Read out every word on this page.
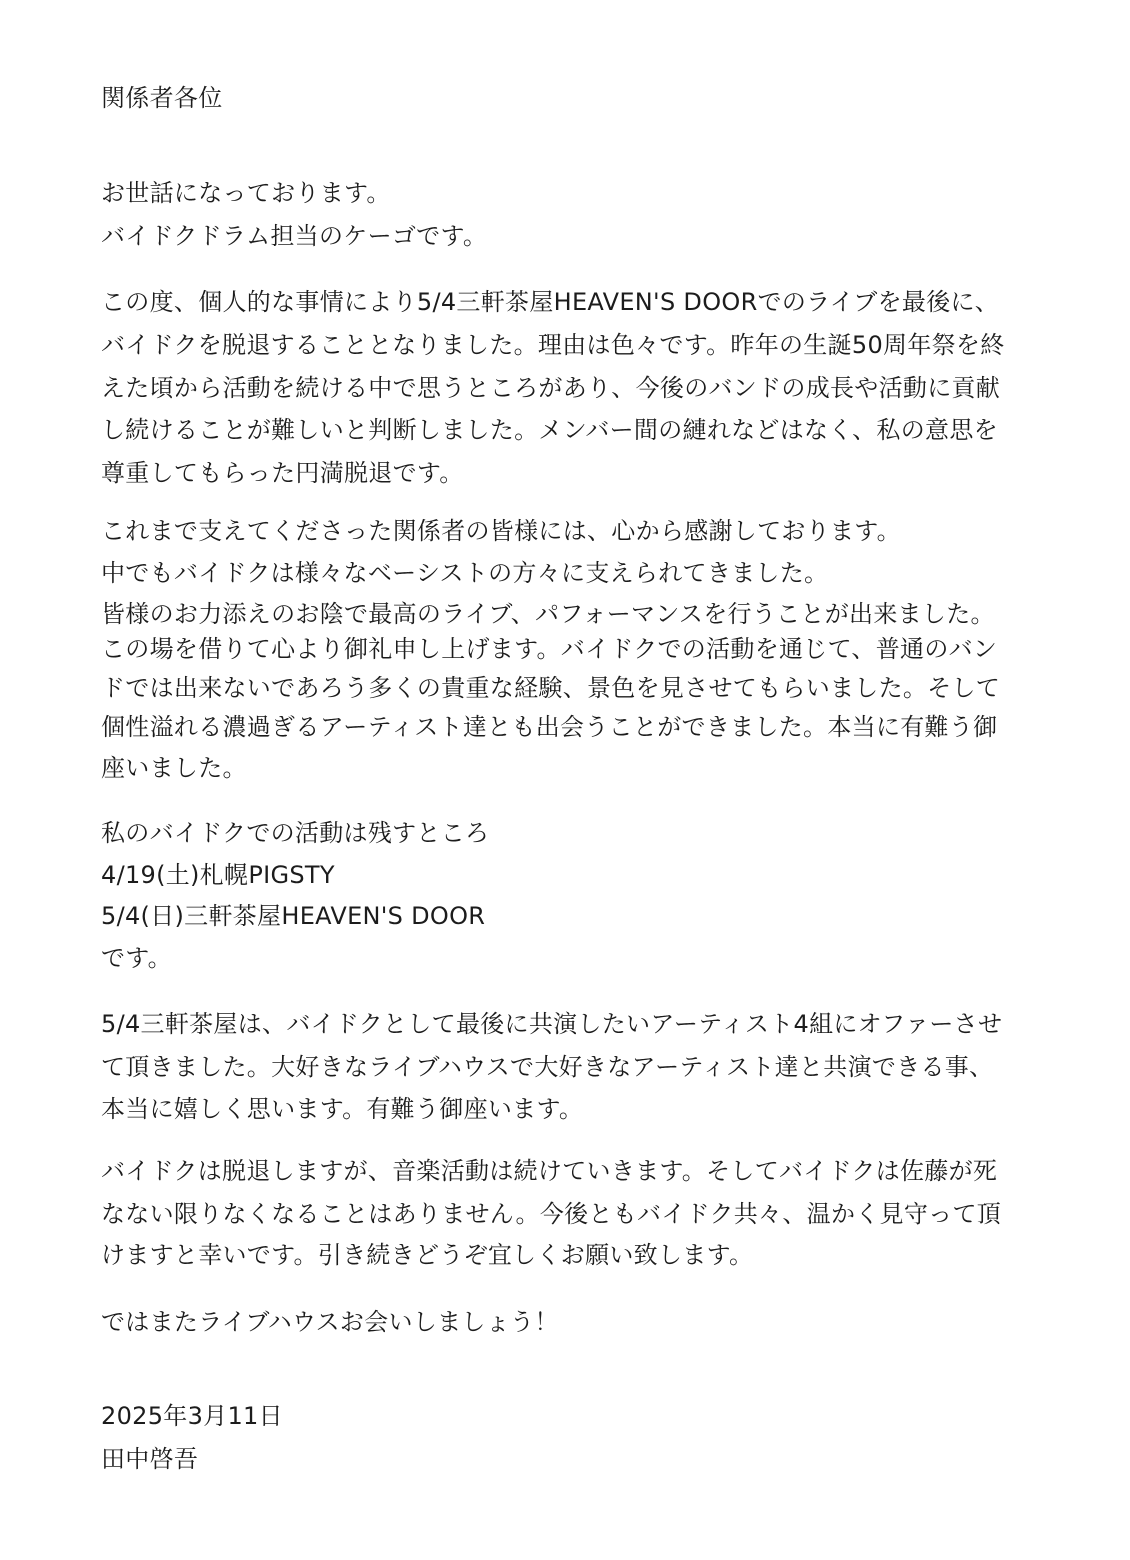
関係者各位
お世話になっております。
バイドクドラム担当のケーゴです。
この度、個人的な事情により5/4三軒茶屋HEAVEN'S DOORでのライブを最後に、
バイドクを脱退することとなりました。理由は色々です。昨年の生誕50周年祭を終
えた頃から活動を続ける中で思うところがあり、今後のバンドの成長や活動に貢献
し続けることが難しいと判断しました。メンバー間の縺れなどはなく、私の意思を
尊重してもらった円満脱退です。
これまで支えてくださった関係者の皆様には、心から感謝しております。
中でもバイドクは様々なベーシストの方々に支えられてきました。
皆様のお力添えのお陰で最高のライブ、パフォーマンスを行うことが出来ました。
この場を借りて心より御礼申し上げます。バイドクでの活動を通じて、普通のバン
ドでは出来ないであろう多くの貴重な経験、景色を見させてもらいました。そして
個性溢れる濃過ぎるアーティスト達とも出会うことができました。本当に有難う御
座いました。
私のバイドクでの活動は残すところ
4/19(土)札幌PIGSTY
5/4(日)三軒茶屋HEAVEN'S DOOR
です。
5/4三軒茶屋は、バイドクとして最後に共演したいアーティスト4組にオファーさせ
て頂きました。大好きなライブハウスで大好きなアーティスト達と共演できる事、
本当に嬉しく思います。有難う御座います。
バイドクは脱退しますが、音楽活動は続けていきます。そしてバイドクは佐藤が死
なない限りなくなることはありません。今後ともバイドク共々、温かく見守って頂
けますと幸いです。引き続きどうぞ宜しくお願い致します。
ではまたライブハウスお会いしましょう！
2025年3月11日
田中啓吾
